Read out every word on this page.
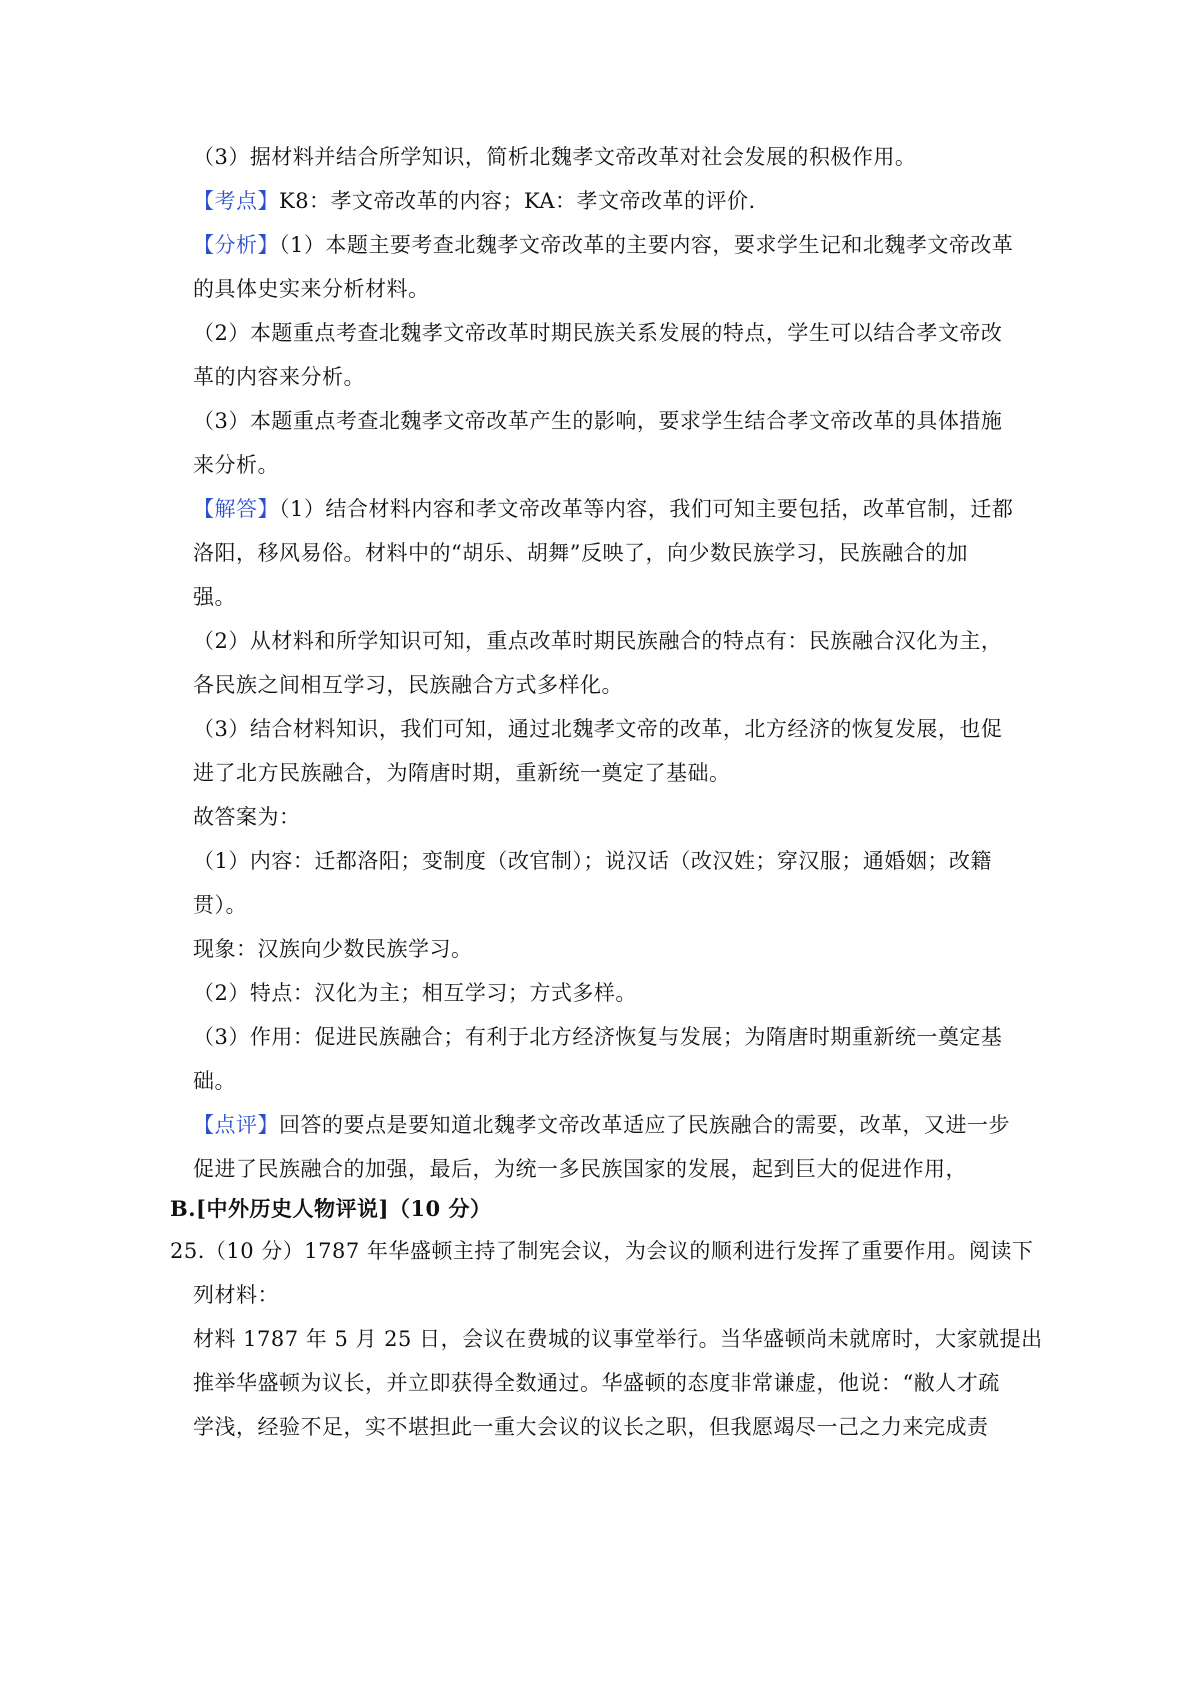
（3）据材料并结合所学知识，简析北魏孝文帝改革对社会发展的积极作用。
【考点】K8：孝文帝改革的内容；KA：孝文帝改革的评价.
【分析】（1）本题主要考查北魏孝文帝改革的主要内容，要求学生记和北魏孝文帝改革
的具体史实来分析材料。
（2）本题重点考查北魏孝文帝改革时期民族关系发展的特点，学生可以结合孝文帝改
革的内容来分析。
（3）本题重点考查北魏孝文帝改革产生的影响，要求学生结合孝文帝改革的具体措施
来分析。
【解答】（1）结合材料内容和孝文帝改革等内容，我们可知主要包括，改革官制，迁都
洛阳，移风易俗。材料中的“胡乐、胡舞”反映了，向少数民族学习，民族融合的加
强。
（2）从材料和所学知识可知，重点改革时期民族融合的特点有：民族融合汉化为主，
各民族之间相互学习，民族融合方式多样化。
（3）结合材料知识，我们可知，通过北魏孝文帝的改革，北方经济的恢复发展，也促
进了北方民族融合，为隋唐时期，重新统一奠定了基础。
故答案为：
（1）内容：迁都洛阳；变制度（改官制）；说汉话（改汉姓；穿汉服；通婚姻；改籍
贯）。
现象：汉族向少数民族学习。
（2）特点：汉化为主；相互学习；方式多样。
（3）作用：促进民族融合；有利于北方经济恢复与发展；为隋唐时期重新统一奠定基
础。
【点评】回答的要点是要知道北魏孝文帝改革适应了民族融合的需要，改革，又进一步
促进了民族融合的加强，最后，为统一多民族国家的发展，起到巨大的促进作用，
B.[中外历史人物评说]（10 分）
25.（10 分）1787 年华盛顿主持了制宪会议，为会议的顺利进行发挥了重要作用。阅读下
列材料：
材料 1787 年 5 月 25 日，会议在费城的议事堂举行。当华盛顿尚未就席时，大家就提出
推举华盛顿为议长，并立即获得全数通过。华盛顿的态度非常谦虚，他说：“敝人才疏
学浅，经验不足，实不堪担此一重大会议的议长之职，但我愿竭尽一己之力来完成责
